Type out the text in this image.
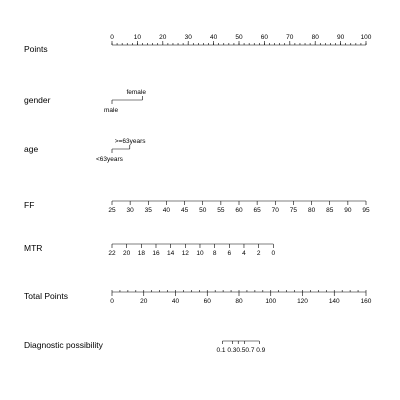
Points
0	10	20	30	40	50	60	70	80	90	100
gender
male
female
age
<63years
>=63years
FF
25 30 35 40 45 50 55 60 65 70 75 80 85 90 95
MTR
22 20 18 16 14 12 10 8 6 4 2 0
Total Points
0	20	40	60	80	100	120	140	160
Diagnostic possibility
0.1 0.30.50.7 0.9
